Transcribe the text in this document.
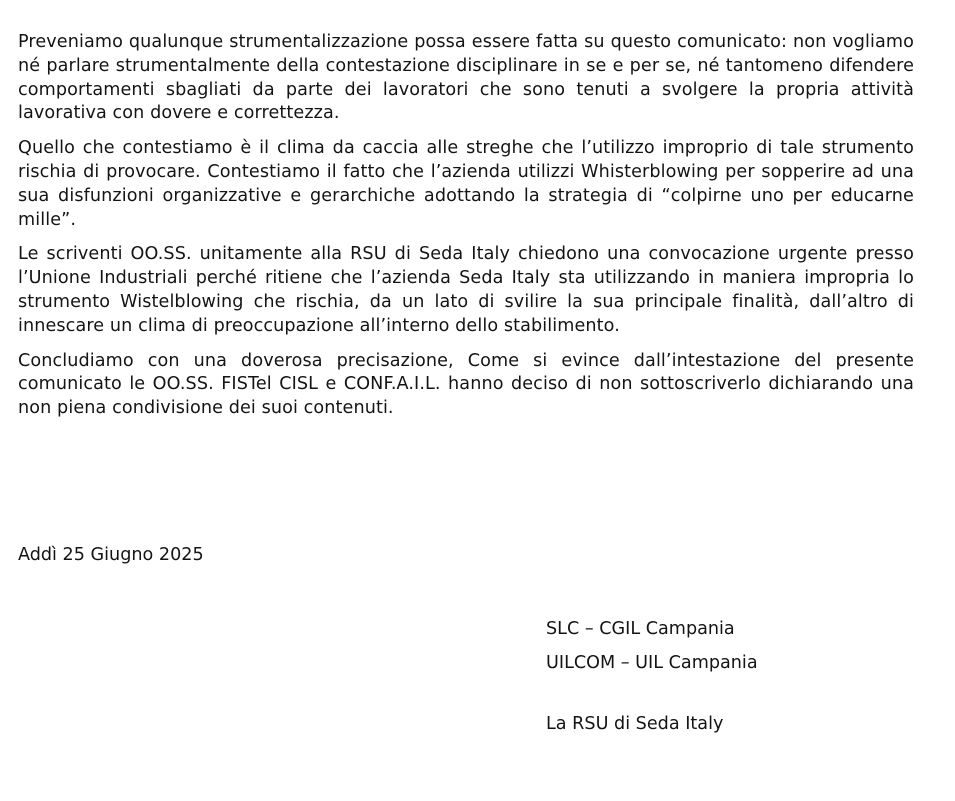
Preveniamo qualunque strumentalizzazione possa essere fatta su questo comunicato: non vogliamo né parlare strumentalmente della contestazione disciplinare in se e per se, né tantomeno difendere comportamenti sbagliati da parte dei lavoratori che sono tenuti a svolgere la propria attività lavorativa con dovere e correttezza.

Quello che contestiamo è il clima da caccia alle streghe che l’utilizzo improprio di tale strumento rischia di provocare. Contestiamo il fatto che l’azienda utilizzi Whisterblowing per sopperire ad una sua disfunzioni organizzative e gerarchiche adottando la strategia di “colpirne uno per educarne mille”.

Le scriventi OO.SS. unitamente alla RSU di Seda Italy chiedono una convocazione urgente presso l’Unione Industriali perché ritiene che l’azienda Seda Italy sta utilizzando in maniera impropria lo strumento Wistelblowing che rischia, da un lato di svilire la sua principale finalità, dall’altro di innescare un clima di preoccupazione all’interno dello stabilimento.

Concludiamo con una doverosa precisazione, Come si evince dall’intestazione del presente comunicato le OO.SS. FISTel CISL e CONF.A.I.L. hanno deciso di non sottoscriverlo dichiarando una non piena condivisione dei suoi contenuti.

Addì 25 Giugno 2025

SLC – CGIL Campania

UILCOM – UIL Campania

La RSU di Seda Italy
